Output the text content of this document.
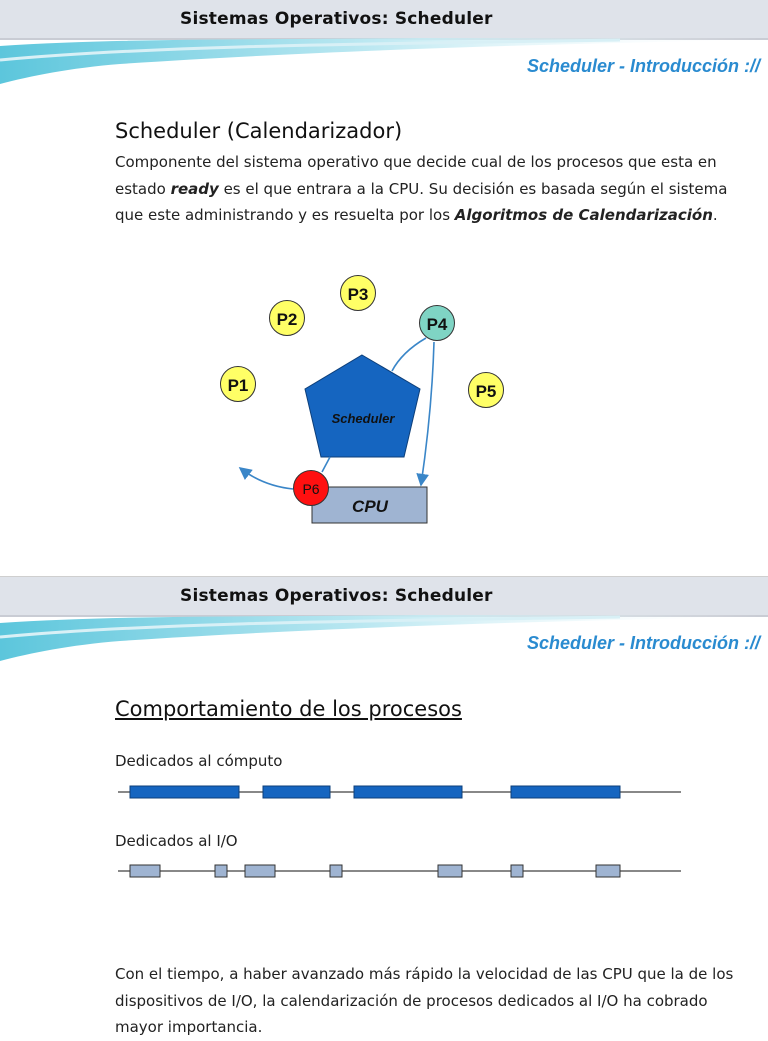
Sistemas Operativos: Scheduler
Scheduler - Introducción ://
Scheduler (Calendarizador)
Componente del sistema operativo que decide cual de los procesos que esta en estado ready es el que entrara a la CPU. Su decisión es basada según el sistema que este administrando y es resuelta por los Algoritmos de Calendarización.
CPU
Scheduler
P1
P2
P3
P4
P5
P6
Sistemas Operativos: Scheduler
Scheduler - Introducción ://
Comportamiento de los procesos
Dedicados al cómputo
Dedicados al I/O
Con el tiempo, a haber avanzado más rápido la velocidad de las CPU que la de los dispositivos de I/O, la calendarización de procesos dedicados al I/O ha cobrado mayor importancia.
